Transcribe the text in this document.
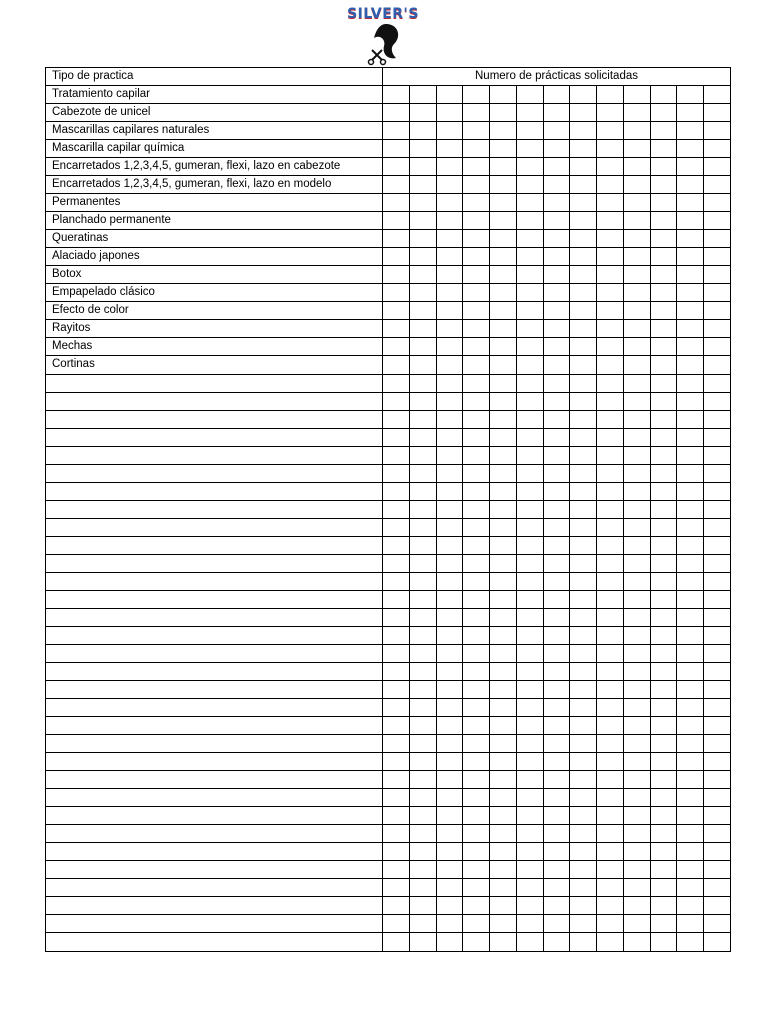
SILVER'S
Tipo de practica	Numero de prácticas solicitadas												
Tratamiento capilar													
Cabezote de unicel													
Mascarillas capilares naturales													
Mascarilla capilar química													
Encarretados 1,2,3,4,5, gumeran, flexi, lazo en cabezote													
Encarretados 1,2,3,4,5, gumeran, flexi, lazo en modelo													
Permanentes													
Planchado permanente													
Queratinas													
Alaciado japones													
Botox													
Empapelado clásico													
Efecto de color													
Rayitos													
Mechas													
Cortinas													
